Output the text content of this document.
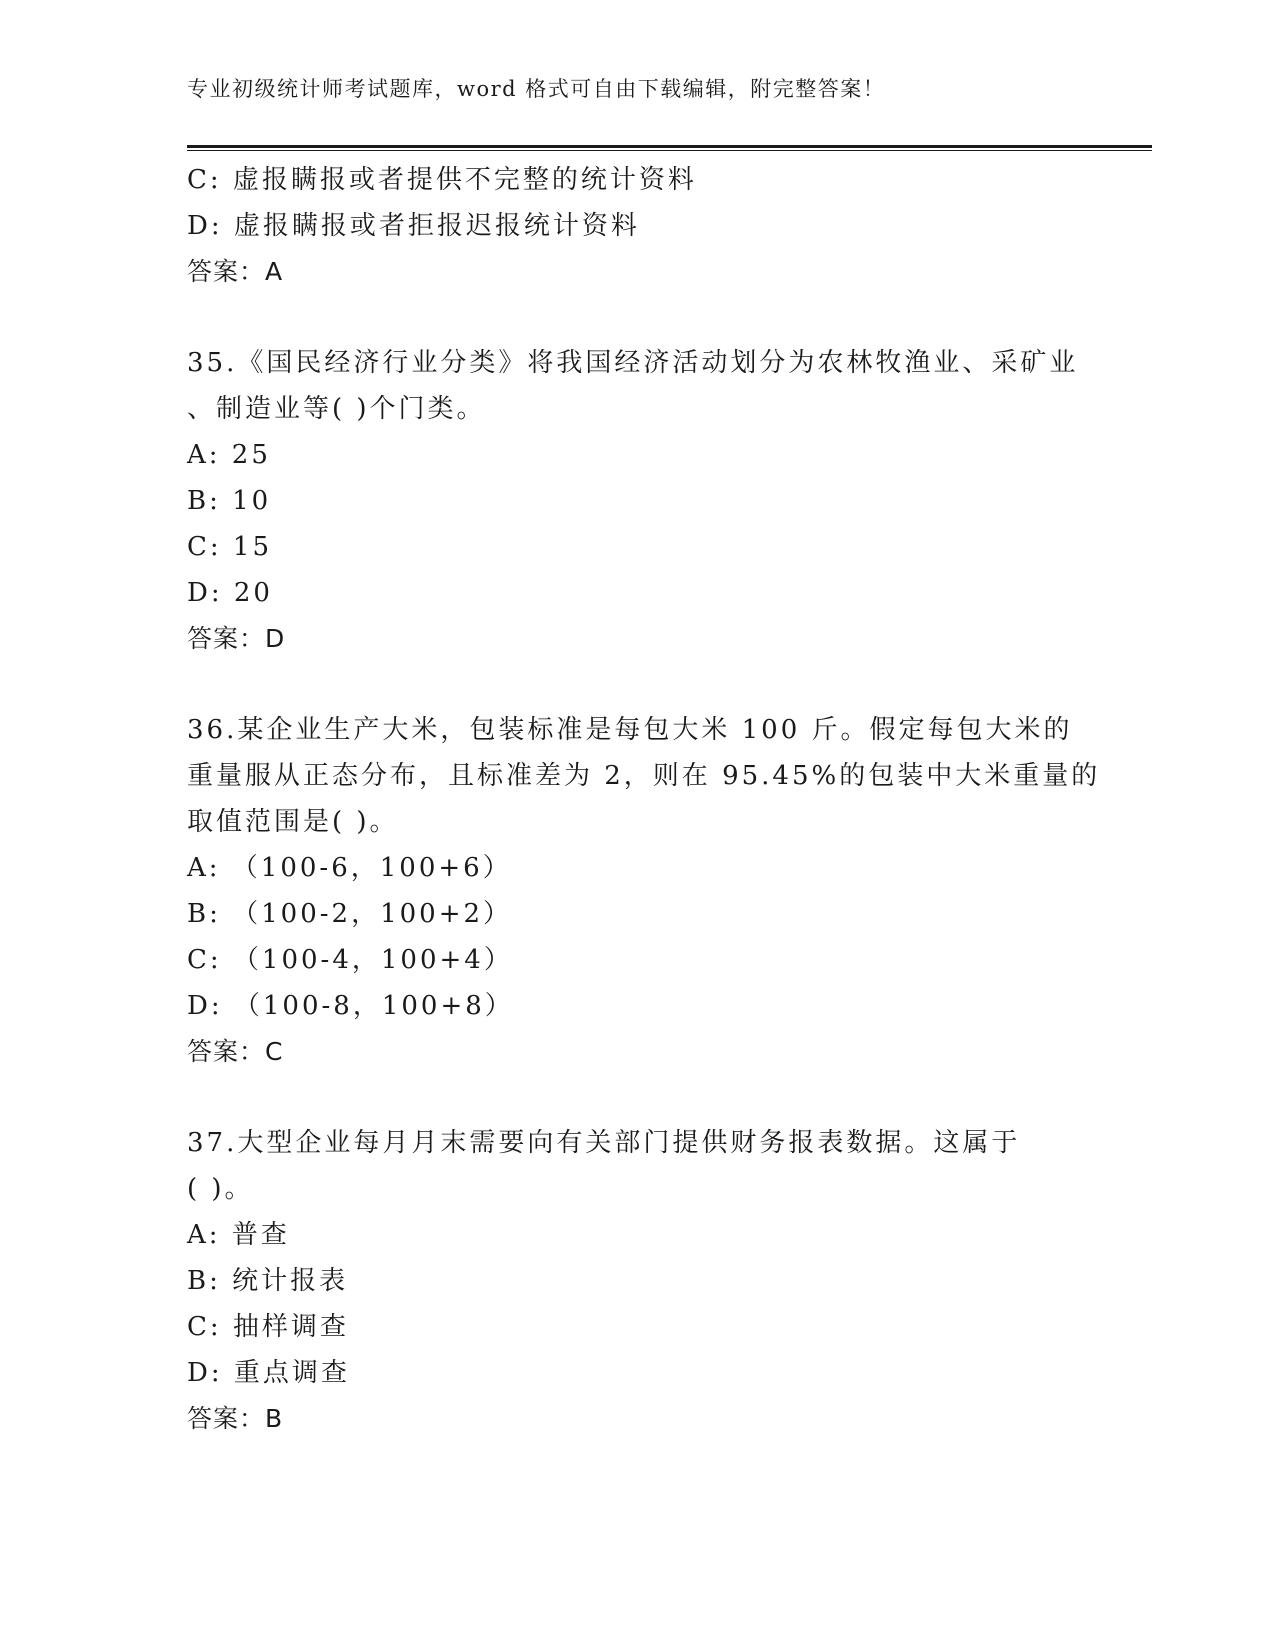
专业初级统计师考试题库，word 格式可自由下载编辑，附完整答案！
C: 虚报瞒报或者提供不完整的统计资料
D: 虚报瞒报或者拒报迟报统计资料
答案：A
35.《国民经济行业分类》将我国经济活动划分为农林牧渔业、采矿业
、制造业等( )个门类。
A: 25
B: 10
C: 15
D: 20
答案：D
36.某企业生产大米，包装标准是每包大米 100 斤。假定每包大米的
重量服从正态分布，且标准差为 2，则在 95.45%的包装中大米重量的
取值范围是( )。
A: （100-6，100+6）
B: （100-2，100+2）
C: （100-4，100+4）
D: （100-8，100+8）
答案：C
37.大型企业每月月末需要向有关部门提供财务报表数据。这属于
( )。
A: 普查
B: 统计报表
C: 抽样调查
D: 重点调查
答案：B
